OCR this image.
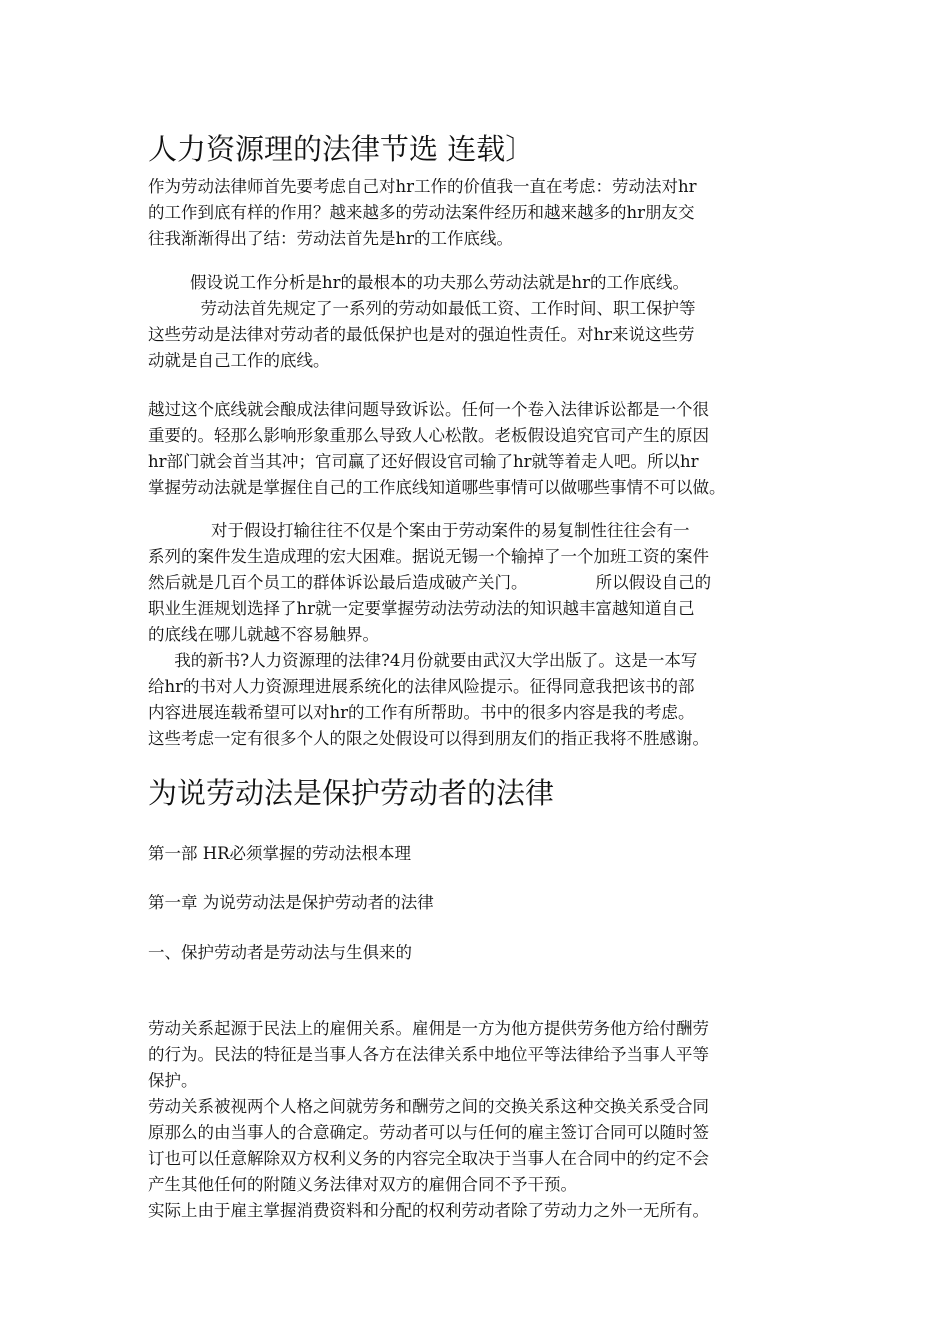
人力资源理的法律节选 连载〕
作为劳动法律师首先要考虑自己对hr工作的价值我一直在考虑：劳动法对hr
的工作到底有样的作用？越来越多的劳动法案件经历和越来越多的hr朋友交
往我渐渐得出了结：劳动法首先是hr的工作底线。
假设说工作分析是hr的最根本的功夫那么劳动法就是hr的工作底线。
劳动法首先规定了一系列的劳动如最低工资、工作时间、职工保护等
这些劳动是法律对劳动者的最低保护也是对的强迫性责任。对hr来说这些劳
动就是自己工作的底线。
越过这个底线就会酿成法律问题导致诉讼。任何一个卷入法律诉讼都是一个很
重要的。轻那么影响形象重那么导致人心松散。老板假设追究官司产生的原因
hr部门就会首当其冲；官司赢了还好假设官司输了hr就等着走人吧。所以hr
掌握劳动法就是掌握住自己的工作底线知道哪些事情可以做哪些事情不可以做。
对于假设打输往往不仅是个案由于劳动案件的易复制性往往会有一
系列的案件发生造成理的宏大困难。据说无锡一个输掉了一个加班工资的案件
然后就是几百个员工的群体诉讼最后造成破产关门。             所以假设自己的
职业生涯规划选择了hr就一定要掌握劳动法劳动法的知识越丰富越知道自己
的底线在哪儿就越不容易触界。
我的新书?人力资源理的法律?4月份就要由武汉大学出版了。这是一本写
给hr的书对人力资源理进展系统化的法律风险提示。征得同意我把该书的部
内容进展连载希望可以对hr的工作有所帮助。书中的很多内容是我的考虑。
这些考虑一定有很多个人的限之处假设可以得到朋友们的指正我将不胜感谢。
为说劳动法是保护劳动者的法律
第一部 HR必须掌握的劳动法根本理
第一章 为说劳动法是保护劳动者的法律
一、保护劳动者是劳动法与生俱来的
劳动关系起源于民法上的雇佣关系。雇佣是一方为他方提供劳务他方给付酬劳
的行为。民法的特征是当事人各方在法律关系中地位平等法律给予当事人平等
保护。
劳动关系被视两个人格之间就劳务和酬劳之间的交换关系这种交换关系受合同
原那么的由当事人的合意确定。劳动者可以与任何的雇主签订合同可以随时签
订也可以任意解除双方权利义务的内容完全取决于当事人在合同中的约定不会
产生其他任何的附随义务法律对双方的雇佣合同不予干预。
实际上由于雇主掌握消费资料和分配的权利劳动者除了劳动力之外一无所有。
